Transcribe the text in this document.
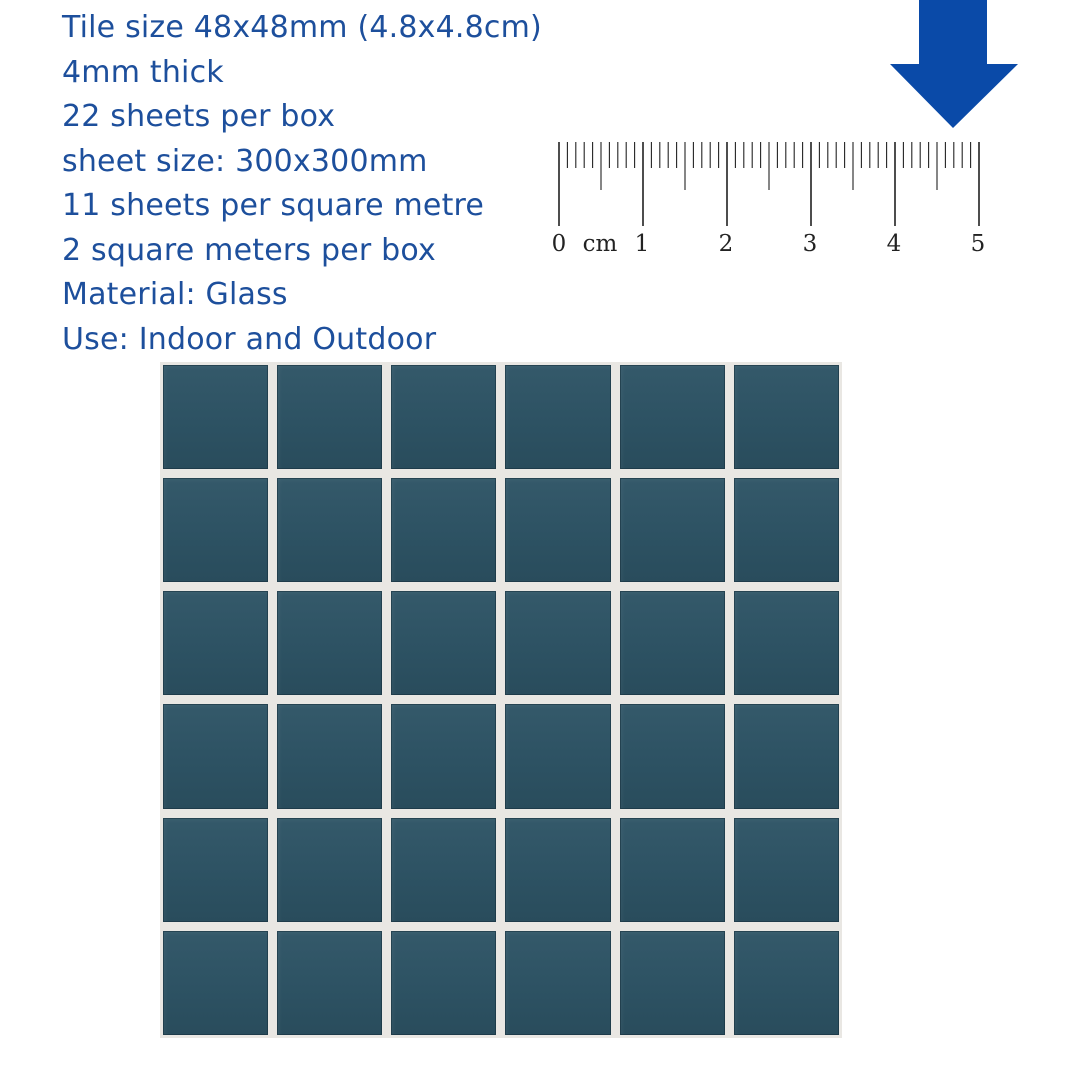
Tile size 48x48mm (4.8x4.8cm)
4mm thick
22 sheets per box
sheet size: 300x300mm
11 sheets per square metre
2 square meters per box
Material: Glass
Use: Indoor and Outdoor
0 cm 1	2	3	4	5
